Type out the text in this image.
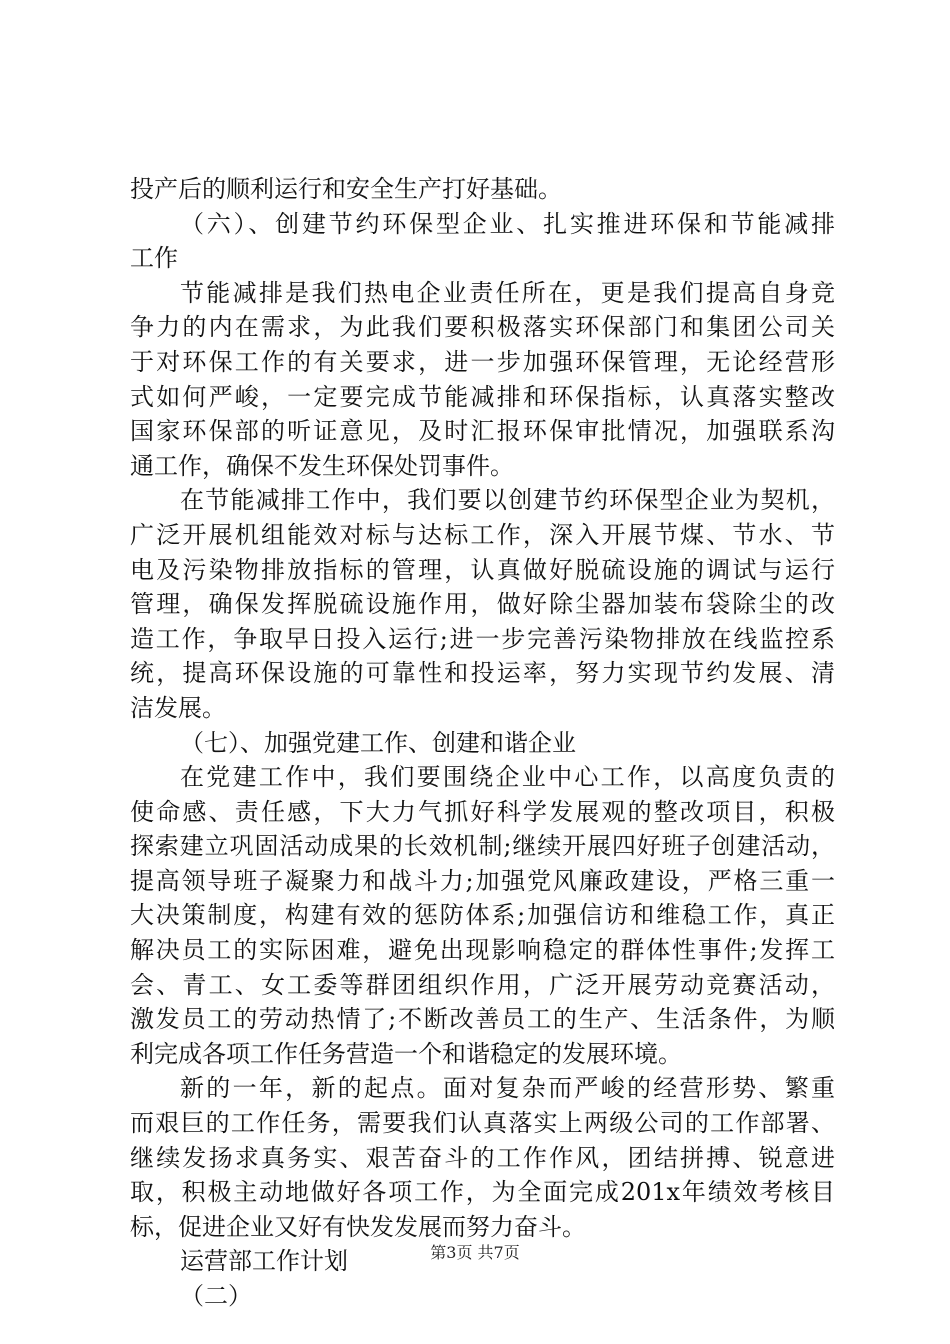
投产后的顺利运行和安全生产打好基础。
（六）、创建节约环保型企业、扎实推进环保和节能减排
工作
节能减排是我们热电企业责任所在，更是我们提高自身竞
争力的内在需求，为此我们要积极落实环保部门和集团公司关
于对环保工作的有关要求，进一步加强环保管理，无论经营形
式如何严峻，一定要完成节能减排和环保指标，认真落实整改
国家环保部的听证意见，及时汇报环保审批情况，加强联系沟
通工作，确保不发生环保处罚事件。
在节能减排工作中，我们要以创建节约环保型企业为契机，
广泛开展机组能效对标与达标工作，深入开展节煤、节水、节
电及污染物排放指标的管理，认真做好脱硫设施的调试与运行
管理，确保发挥脱硫设施作用，做好除尘器加装布袋除尘的改
造工作，争取早日投入运行;进一步完善污染物排放在线监控系
统，提高环保设施的可靠性和投运率，努力实现节约发展、清
洁发展。
（七）、加强党建工作、创建和谐企业
在党建工作中，我们要围绕企业中心工作，以高度负责的
使命感、责任感，下大力气抓好科学发展观的整改项目，积极
探索建立巩固活动成果的长效机制;继续开展四好班子创建活动，
提高领导班子凝聚力和战斗力;加强党风廉政建设，严格三重一
大决策制度，构建有效的惩防体系;加强信访和维稳工作，真正
解决员工的实际困难，避免出现影响稳定的群体性事件;发挥工
会、青工、女工委等群团组织作用，广泛开展劳动竞赛活动，
激发员工的劳动热情了;不断改善员工的生产、生活条件，为顺
利完成各项工作任务营造一个和谐稳定的发展环境。
新的一年，新的起点。面对复杂而严峻的经营形势、繁重
而艰巨的工作任务，需要我们认真落实上两级公司的工作部署、
继续发扬求真务实、艰苦奋斗的工作作风，团结拼搏、锐意进
取，积极主动地做好各项工作，为全面完成201x年绩效考核目
标，促进企业又好有快发发展而努力奋斗。
运营部工作计划
（二）
第3页 共7页
